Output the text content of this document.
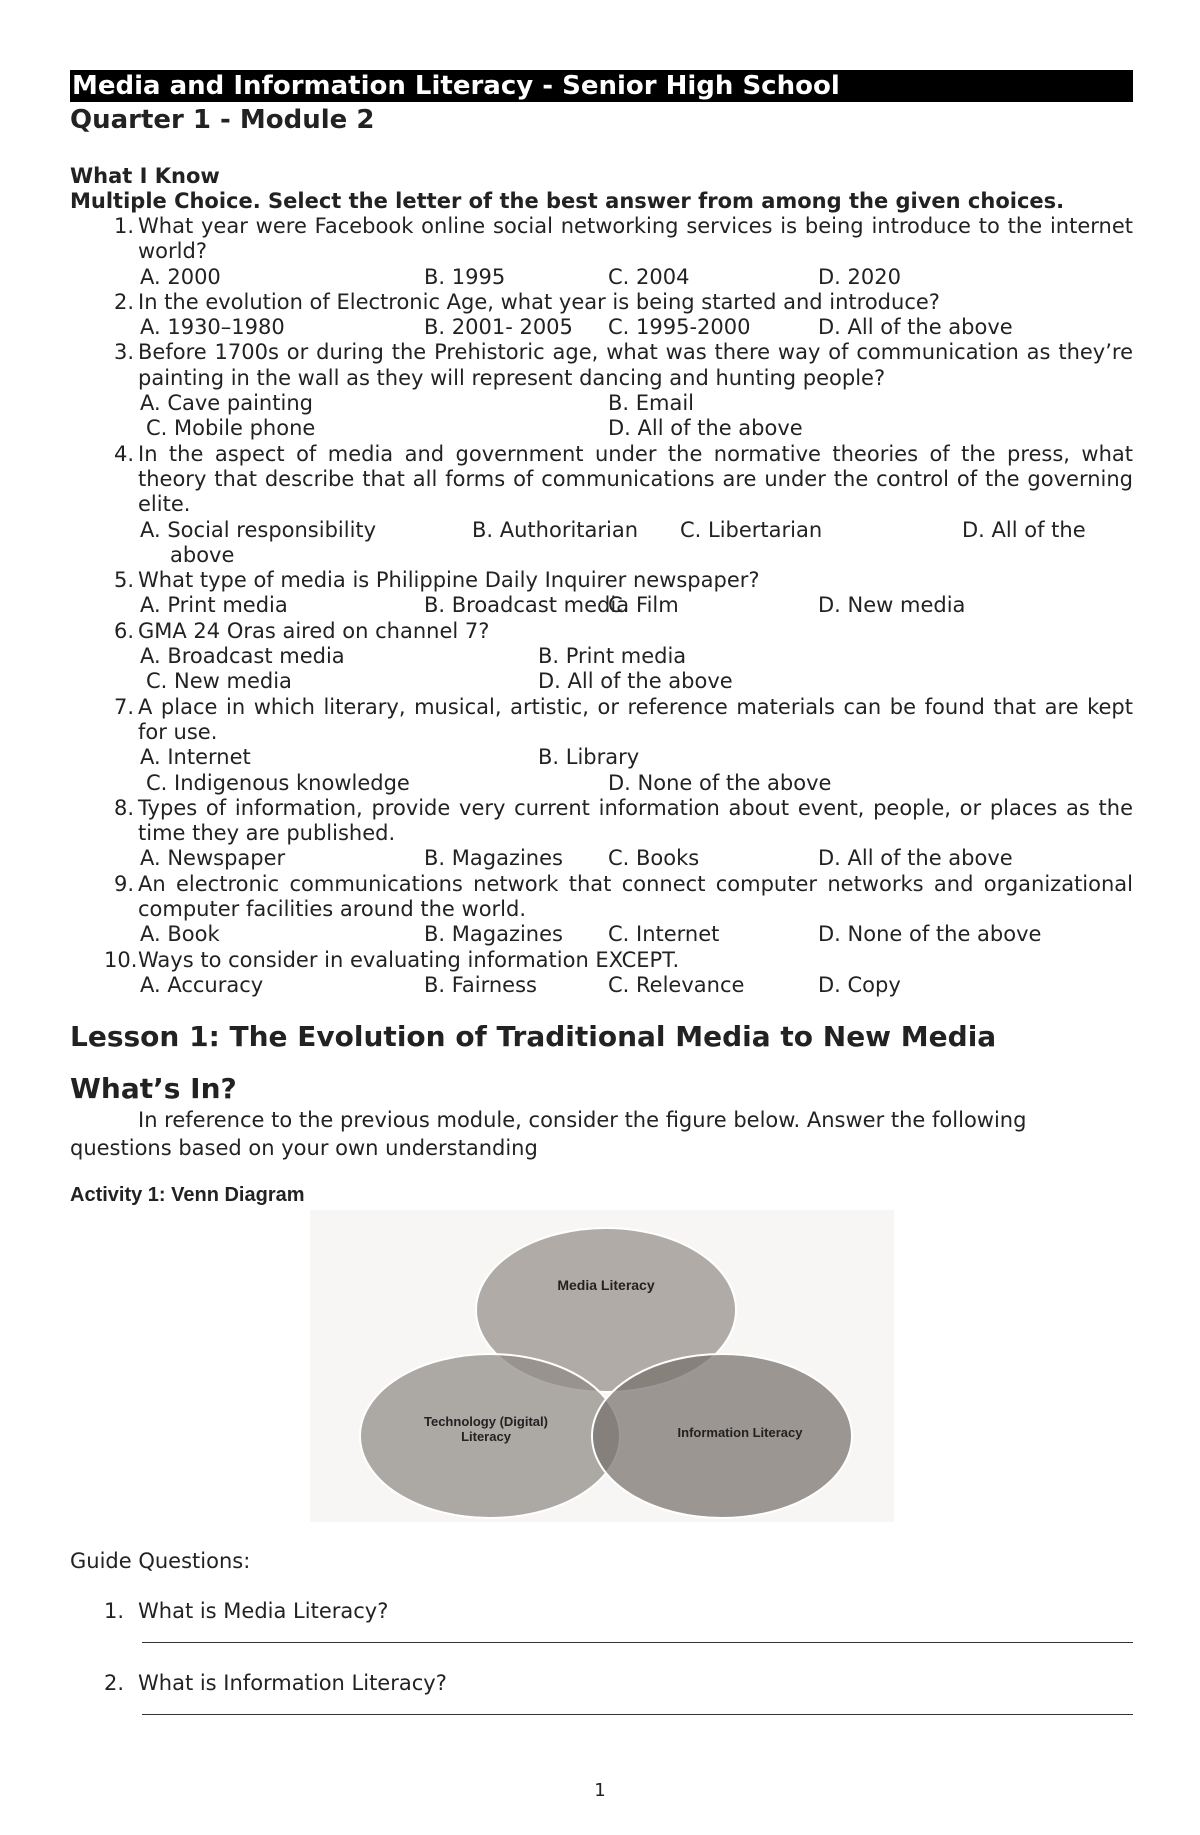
Media and Information Literacy - Senior High School
Quarter 1 - Module 2
What I Know
Multiple Choice. Select the letter of the best answer from among the given choices.
1. What year were Facebook online social networking services is being introduce to the internet world?
A. 2000	B. 1995	C. 2004	D. 2020
2. In the evolution of Electronic Age, what year is being started and introduce?
A. 1930–1980	B. 2001- 2005 C. 1995-2000	D. All of the above
3. Before 1700s or during the Prehistoric age, what was there way of communication as they’re painting in the wall as they will represent dancing and hunting people?
A. Cave painting	B. Email
C. Mobile phone	D. All of the above
4. In the aspect of media and government under the normative theories of the press, what theory that describe that all forms of communications are under the control of the governing elite.
A. Social responsibility	B. Authoritarian C. Libertarian	D. All of the
above
5. What type of media is Philippine Daily Inquirer newspaper?
A. Print media	B. Broadcast media
C. Film	D. New media
6. GMA 24 Oras aired on channel 7?
A. Broadcast media	B. Print media
C. New media	D. All of the above
7. A place in which literary, musical, artistic, or reference materials can be found that are kept for use.
A. Internet	B. Library
C. Indigenous knowledge	D. None of the above
8. Types of information, provide very current information about event, people, or places as the time they are published.
A. Newspaper	B. Magazines C. Books	D. All of the above
9. An electronic communications network that connect computer networks and organizational computer facilities around the world.
A. Book	B. Magazines C. Internet	D. None of the above
10. Ways to consider in evaluating information EXCEPT.
A. Accuracy	B. Fairness	C. Relevance	D. Copy
Lesson 1: The Evolution of Traditional Media to New Media
What’s In?
In reference to the previous module, consider the figure below. Answer the following questions based on your own understanding
Activity 1: Venn Diagram
Media Literacy
Technology (Digital)
Literacy	Information Literacy
Guide Questions:
1. What is Media Literacy?
2. What is Information Literacy?
1
